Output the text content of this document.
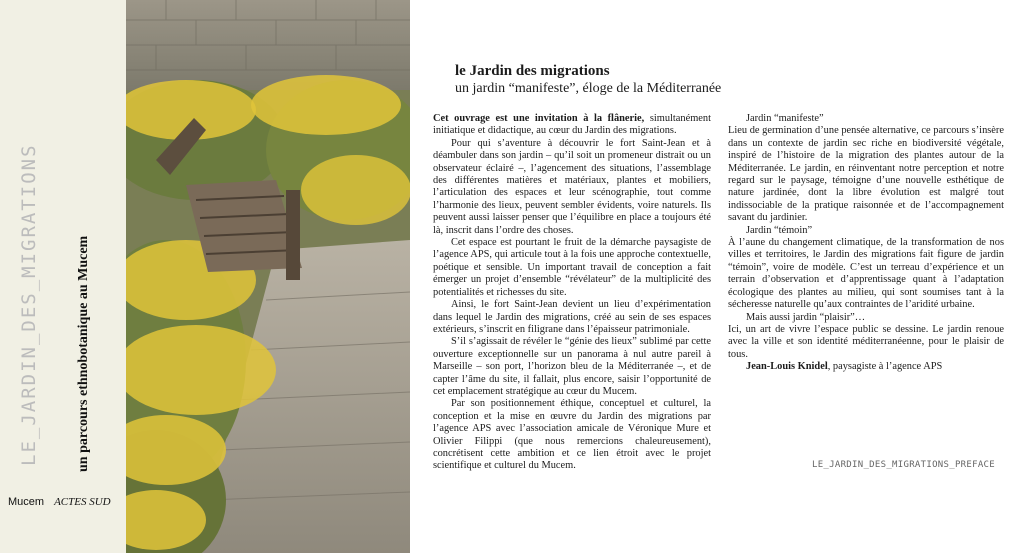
LE_JARDIN_DES_MIGRATIONS	un parcours ethnobotanique au Mucem
Mucem ACTES SUD

le Jardin des migrations

un jardin “manifeste”, éloge de la Méditerranée

Cet ouvrage est une invitation à la flânerie, simultanément initiatique et didactique, au cœur du Jardin des migrations.

Pour qui s’aventure à découvrir le fort Saint-Jean et à déambuler dans son jardin – qu’il soit un promeneur distrait ou un observateur éclairé –, l’agencement des situations, l’assemblage des différentes matières et matériaux, plantes et mobiliers, l’articulation des espaces et leur scénographie, tout comme l’harmonie des lieux, peuvent sembler évidents, voire naturels. Ils peuvent aussi laisser penser que l’équilibre en place a toujours été là, inscrit dans l’ordre des choses.

Cet espace est pourtant le fruit de la démarche paysagiste de l’agence APS, qui articule tout à la fois une approche contextuelle, poétique et sensible. Un important travail de conception a fait émerger un projet d’ensemble “révélateur” de la multiplicité des potentialités et richesses du site.

Ainsi, le fort Saint-Jean devient un lieu d’expérimentation dans lequel le Jardin des migrations, créé au sein de ses espaces extérieurs, s’inscrit en filigrane dans l’épaisseur patrimoniale.

S’il s’agissait de révéler le “génie des lieux” sublimé par cette ouverture exceptionnelle sur un panorama à nul autre pareil à Marseille – son port, l’horizon bleu de la Méditerranée –, et de capter l’âme du site, il fallait, plus encore, saisir l’opportunité de cet emplacement stratégique au cœur du Mucem.

Par son positionnement éthique, conceptuel et culturel, la conception et la mise en œuvre du Jardin des migrations par l’agence APS avec l’association amicale de Véronique Mure et Olivier Filippi (que nous remercions chaleureusement), concrétisent cette ambition et ce lien étroit avec le projet scientifique et culturel du Mucem.

Jardin “manifeste”

Lieu de germination d’une pensée alternative, ce parcours s’insère dans un contexte de jardin sec riche en biodiversité végétale, inspiré de l’histoire de la migration des plantes autour de la Méditerranée. Le jardin, en réinventant notre perception et notre regard sur le paysage, témoigne d’une nouvelle esthétique de nature jardinée, dont la libre évolution est malgré tout indissociable de la pratique raisonnée et de l’accompagnement savant du jardinier.

Jardin “témoin”

À l’aune du changement climatique, de la transformation de nos villes et territoires, le Jardin des migrations fait figure de jardin “témoin”, voire de modèle. C’est un terreau d’expérience et un terrain d’observation et d’apprentissage quant à l’adaptation écologique des plantes au milieu, qui sont soumises tant à la sécheresse naturelle qu’aux contraintes de l’aridité urbaine.

Mais aussi jardin “plaisir”…

Ici, un art de vivre l’espace public se dessine. Le jardin renoue avec la ville et son identité méditerranéenne, pour le plaisir de tous.

Jean-Louis Knidel, paysagiste à l’agence APS

LE_JARDIN_DES_MIGRATIONS_PREFACE
